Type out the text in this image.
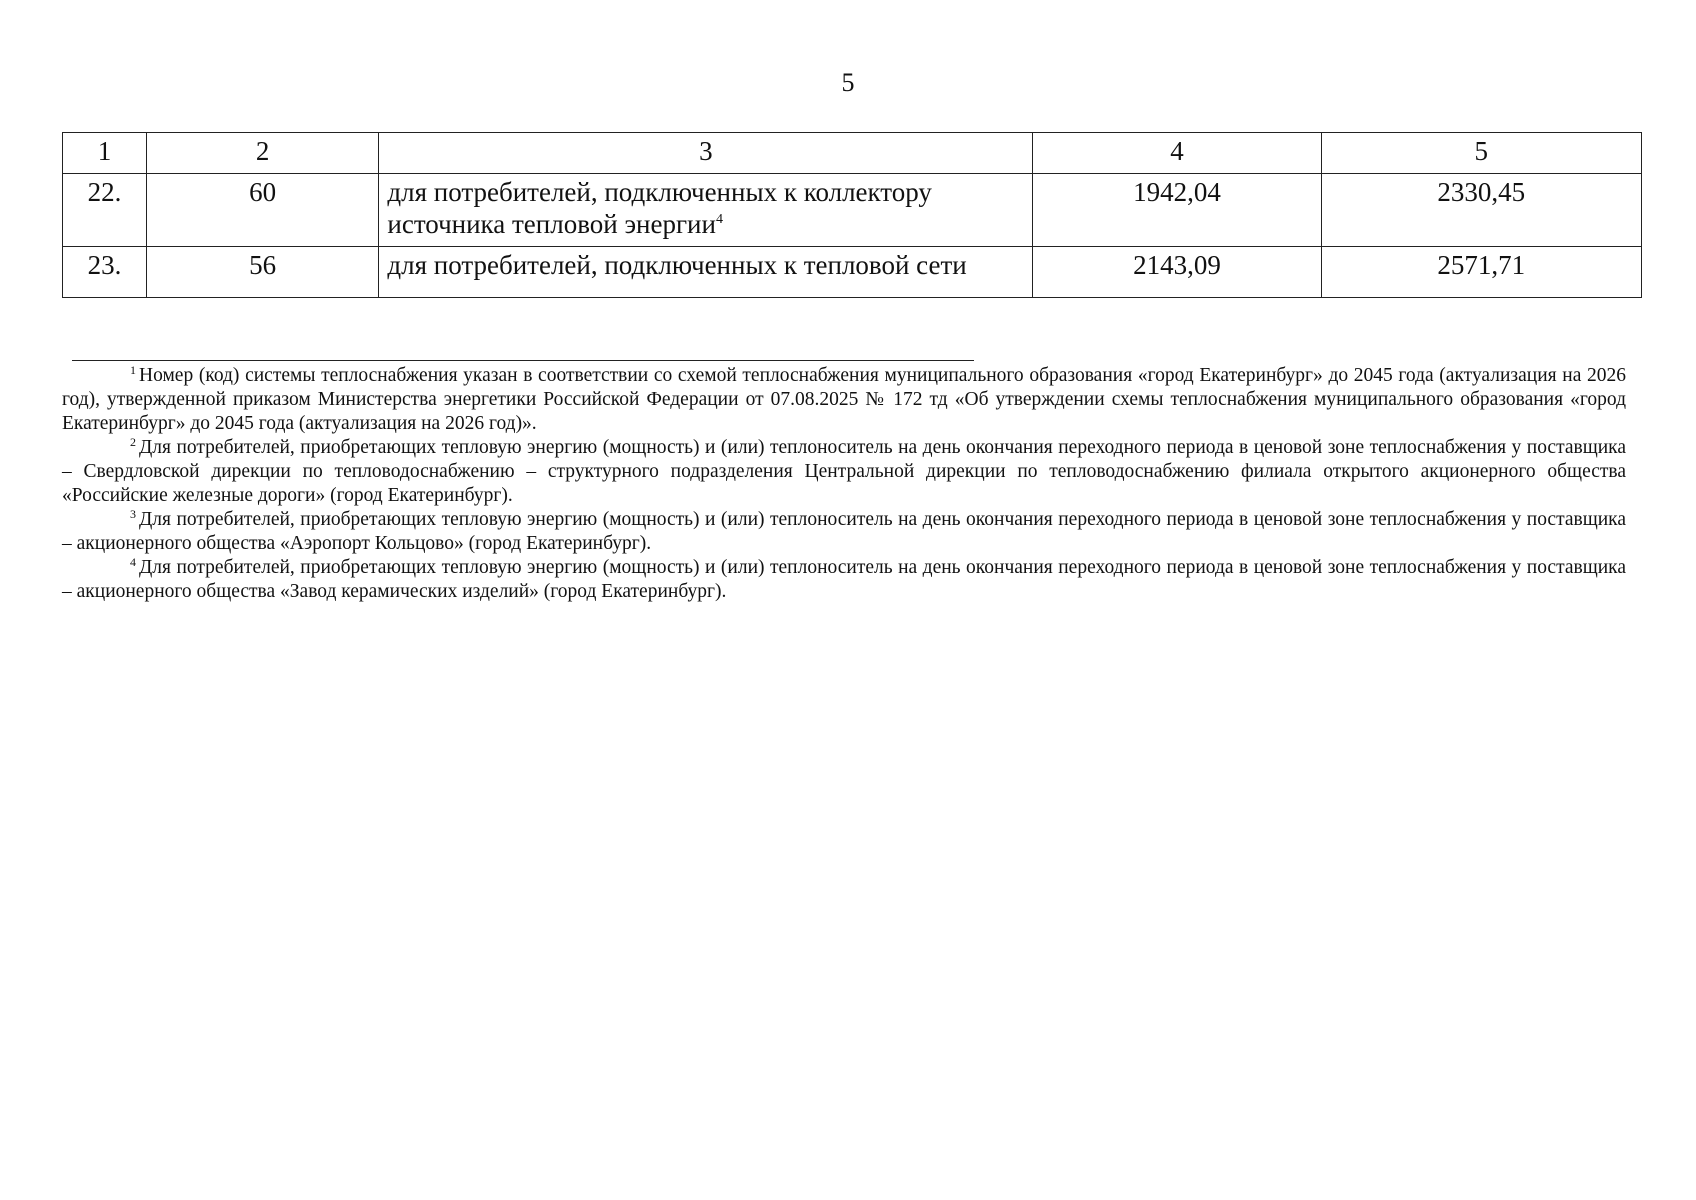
5
1	2	3	4	5
22.	60	для потребителей, подключенных к коллектору источника тепловой энергии$^4$	1942,04	2330,45
23.	56	для потребителей, подключенных к тепловой сети	2143,09	2571,71

$^1$ Номер (код) системы теплоснабжения указан в соответствии со схемой теплоснабжения муниципального образования «город Екатеринбург» до 2045 года (актуализация на 2026 год), утвержденной приказом Министерства энергетики Российской Федерации от 07.08.2025 № 172 тд «Об утверждении схемы теплоснабжения муниципального образования «город Екатеринбург» до 2045 года (актуализация на 2026 год)».

$^2$ Для потребителей, приобретающих тепловую энергию (мощность) и (или) теплоноситель на день окончания переходного периода в ценовой зоне теплоснабжения у поставщика – Свердловской дирекции по тепловодоснабжению – структурного подразделения Центральной дирекции по тепловодоснабжению филиала открытого акционерного общества «Российские железные дороги» (город Екатеринбург).

$^3$ Для потребителей, приобретающих тепловую энергию (мощность) и (или) теплоноситель на день окончания переходного периода в ценовой зоне теплоснабжения у поставщика – акционерного общества «Аэропорт Кольцово» (город Екатеринбург).

$^4$ Для потребителей, приобретающих тепловую энергию (мощность) и (или) теплоноситель на день окончания переходного периода в ценовой зоне теплоснабжения у поставщика – акционерного общества «Завод керамических изделий» (город Екатеринбург).
